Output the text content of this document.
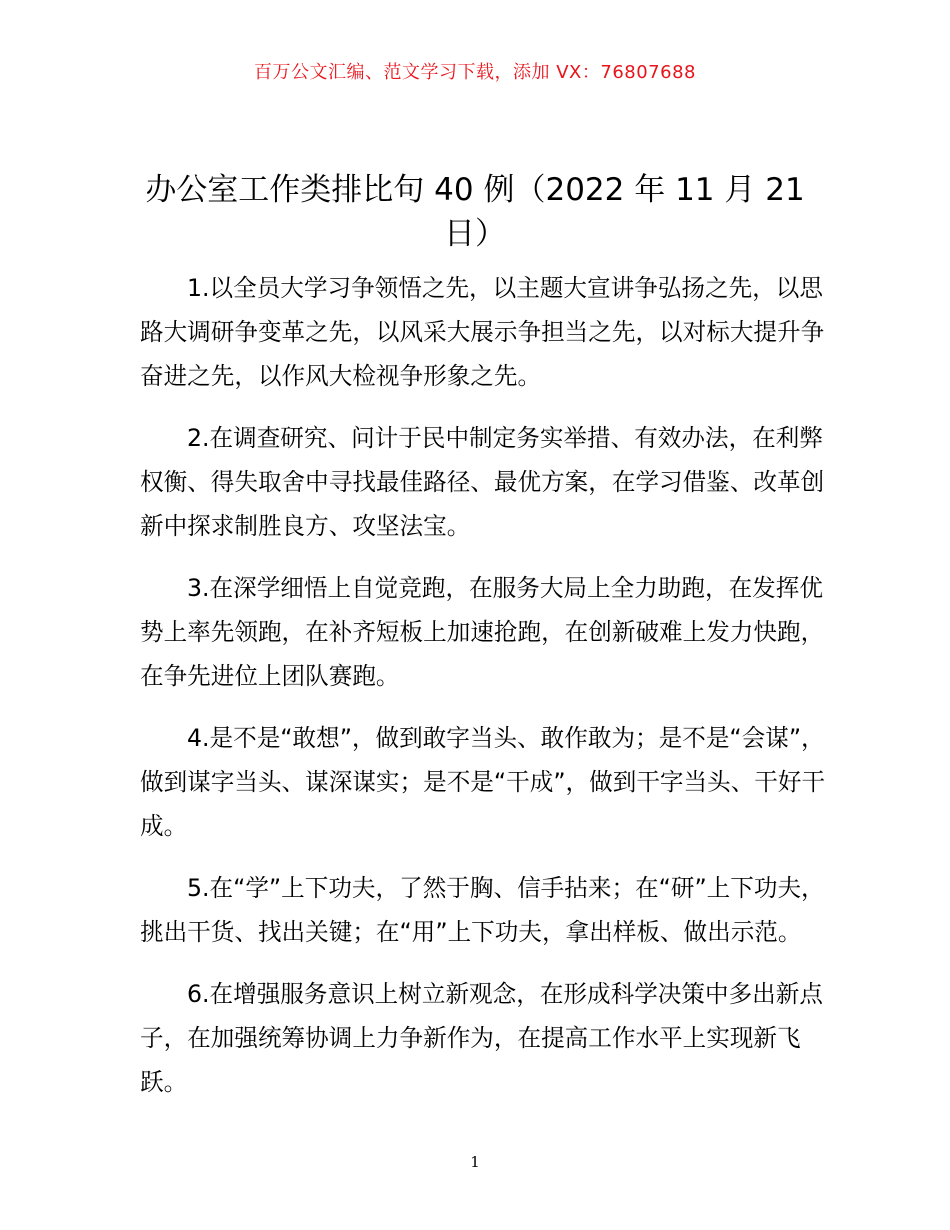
百万公文汇编、范文学习下载，添加 VX：76807688
办公室工作类排比句 40 例（2022 年 11 月 21 日）

1.以全员大学习争领悟之先，以主题大宣讲争弘扬之先，以思路大调研争变革之先，以风采大展示争担当之先，以对标大提升争奋进之先，以作风大检视争形象之先。

2.在调查研究、问计于民中制定务实举措、有效办法，在利弊权衡、得失取舍中寻找最佳路径、最优方案，在学习借鉴、改革创新中探求制胜良方、攻坚法宝。

3.在深学细悟上自觉竞跑，在服务大局上全力助跑，在发挥优势上率先领跑，在补齐短板上加速抢跑，在创新破难上发力快跑，在争先进位上团队赛跑。

4.是不是“敢想”，做到敢字当头、敢作敢为；是不是“会谋”，做到谋字当头、谋深谋实；是不是“干成”，做到干字当头、干好干成。

5.在“学”上下功夫，了然于胸、信手拈来；在“研”上下功夫，挑出干货、找出关键；在“用”上下功夫，拿出样板、做出示范。

6.在增强服务意识上树立新观念，在形成科学决策中多出新点子，在加强统筹协调上力争新作为，在提高工作水平上实现新飞跃。

1
